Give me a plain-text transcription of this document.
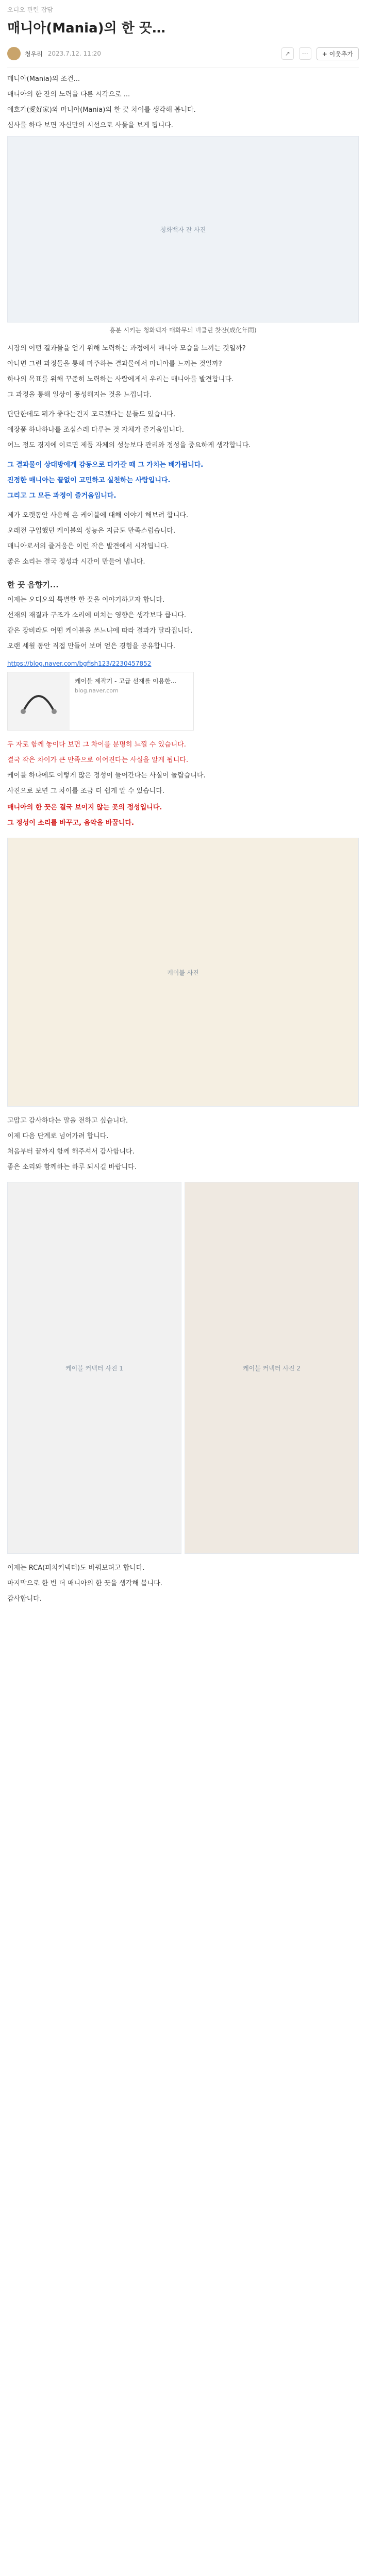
오디오 관련 잡담
매니아(Mania)의 한 끗…
청우리 2023.7.12. 11:20	↗	⋯	+ 이웃추가
매니아(Mania)의 조건...
매니아의 한 잔의 노력을 다른 시각으로 ...
애호가(愛好家)와 마니아(Mania)의 한 끗 차이를 생각해 봅니다.
심사를 하다 보면 자신만의 시선으로 사물을 보게 됩니다.
청화백자 잔 사진
흥분 시키는 청화백자 매화무늬 넥클린 찻잔(成化年間)
시장의 어떤 결과물을 얻기 위해 노력하는 과정에서 매니아 모습을 느끼는 것일까?
아니면 그런 과정들을 통해 마주하는 결과물에서 마니아를 느끼는 것일까?
하나의 목표를 위해 꾸준히 노력하는 사람에게서 우리는 매니아를 발견합니다.
그 과정을 통해 일상이 풍성해지는 것을 느낍니다.
단단한데도 뭐가 좋다는건지 모르겠다는 분들도 있습니다.
애장품 하나하나를 조심스레 다루는 것 자체가 즐거움입니다.
어느 정도 경지에 이르면 제품 자체의 성능보다 관리와 정성을 중요하게 생각합니다.
그 결과물이 상대방에게 감동으로 다가갈 때 그 가치는 배가됩니다.
진정한 매니아는 끝없이 고민하고 실천하는 사람입니다.
그리고 그 모든 과정이 즐거움입니다.
제가 오랫동안 사용해 온 케이블에 대해 이야기 해보려 합니다.
오래전 구입했던 케이블의 성능은 지금도 만족스럽습니다.
매니아로서의 즐거움은 이런 작은 발견에서 시작됩니다.
좋은 소리는 결국 정성과 시간이 만들어 냅니다.
한 끗 음향기...
이제는 오디오의 특별한 한 끗을 이야기하고자 합니다.
선재의 재질과 구조가 소리에 미치는 영향은 생각보다 큽니다.
같은 장비라도 어떤 케이블을 쓰느냐에 따라 결과가 달라집니다.
오랜 세월 동안 직접 만들어 보며 얻은 경험을 공유합니다.
https://blog.naver.com/bgfish123/2230457852
케이블 제작기 - 고급 선재를 이용한...
blog.naver.com
두 자로 함께 놓이다 보면 그 차이를 분명히 느낄 수 있습니다.
결국 작은 차이가 큰 만족으로 이어진다는 사실을 알게 됩니다.
케이블 하나에도 이렇게 많은 정성이 들어간다는 사실이 놀랍습니다.
사진으로 보면 그 차이를 조금 더 쉽게 알 수 있습니다.
매니아의 한 끗은 결국 보이지 않는 곳의 정성입니다.
그 정성이 소리를 바꾸고, 음악을 바꿉니다.
케이블 사진
고맙고 감사하다는 말을 전하고 싶습니다.
이제 다음 단계로 넘어가려 합니다.
처음부터 끝까지 함께 해주셔서 감사합니다.
좋은 소리와 함께하는 하루 되시길 바랍니다.
케이블 커넥터 사진 1	케이블 커넥터 사진 2
이제는 RCA(피치커넥터)도 바꿔보려고 합니다.
마지막으로 한 번 더 매니아의 한 끗을 생각해 봅니다.
감사합니다.
